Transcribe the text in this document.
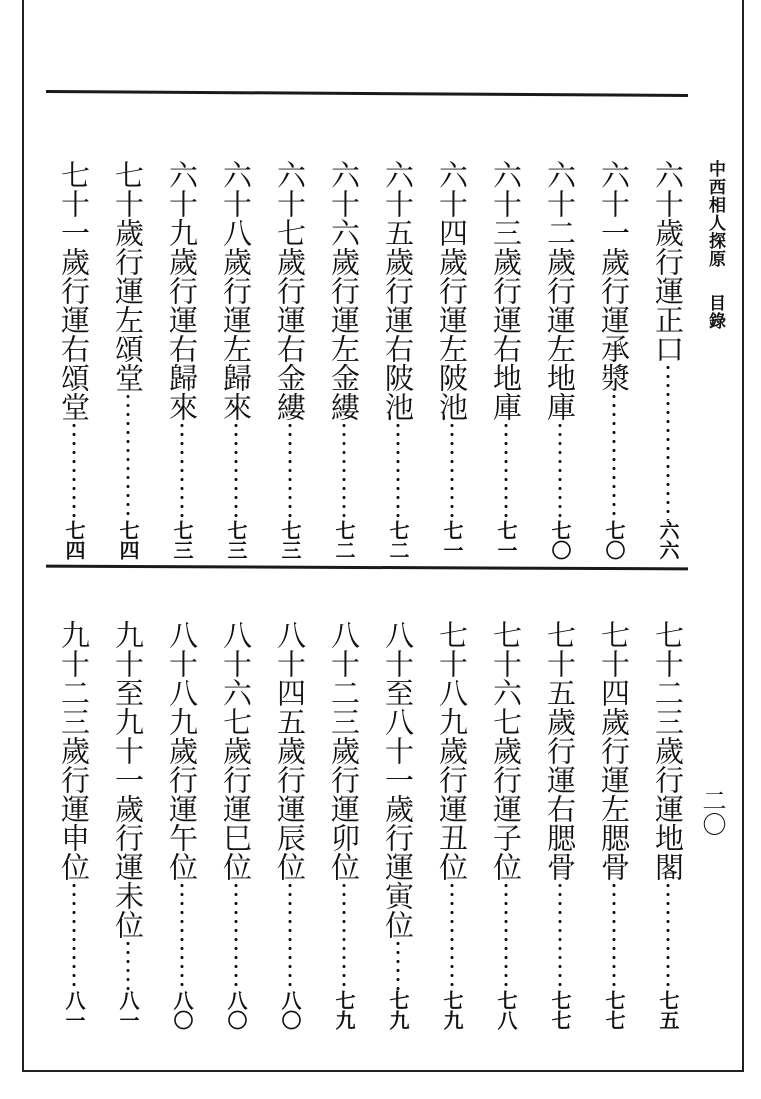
中西相人探原目錄
二〇
六十歲行運正口
六六
六十一歲行運承漿
七〇
六十二歲行運左地庫
七〇
六十三歲行運右地庫
七一
六十四歲行運左陂池
七一
六十五歲行運右陂池
七二
六十六歲行運左金縷
七二
六十七歲行運右金縷
七三
六十八歲行運左歸來
七三
六十九歲行運右歸來
七三
七十歲行運左頌堂
七四
七十一歲行運右頌堂
七四
七十二三歲行運地閣
七五
七十四歲行運左腮骨
七七
七十五歲行運右腮骨
七七
七十六七歲行運子位
七八
七十八九歲行運丑位
七九
八十至八十一歲行運寅位
七九
八十二三歲行運卯位
七九
八十四五歲行運辰位
八〇
八十六七歲行運巳位
八〇
八十八九歲行運午位
八〇
九十至九十一歲行運未位
八一
九十二三歲行運申位
八一
